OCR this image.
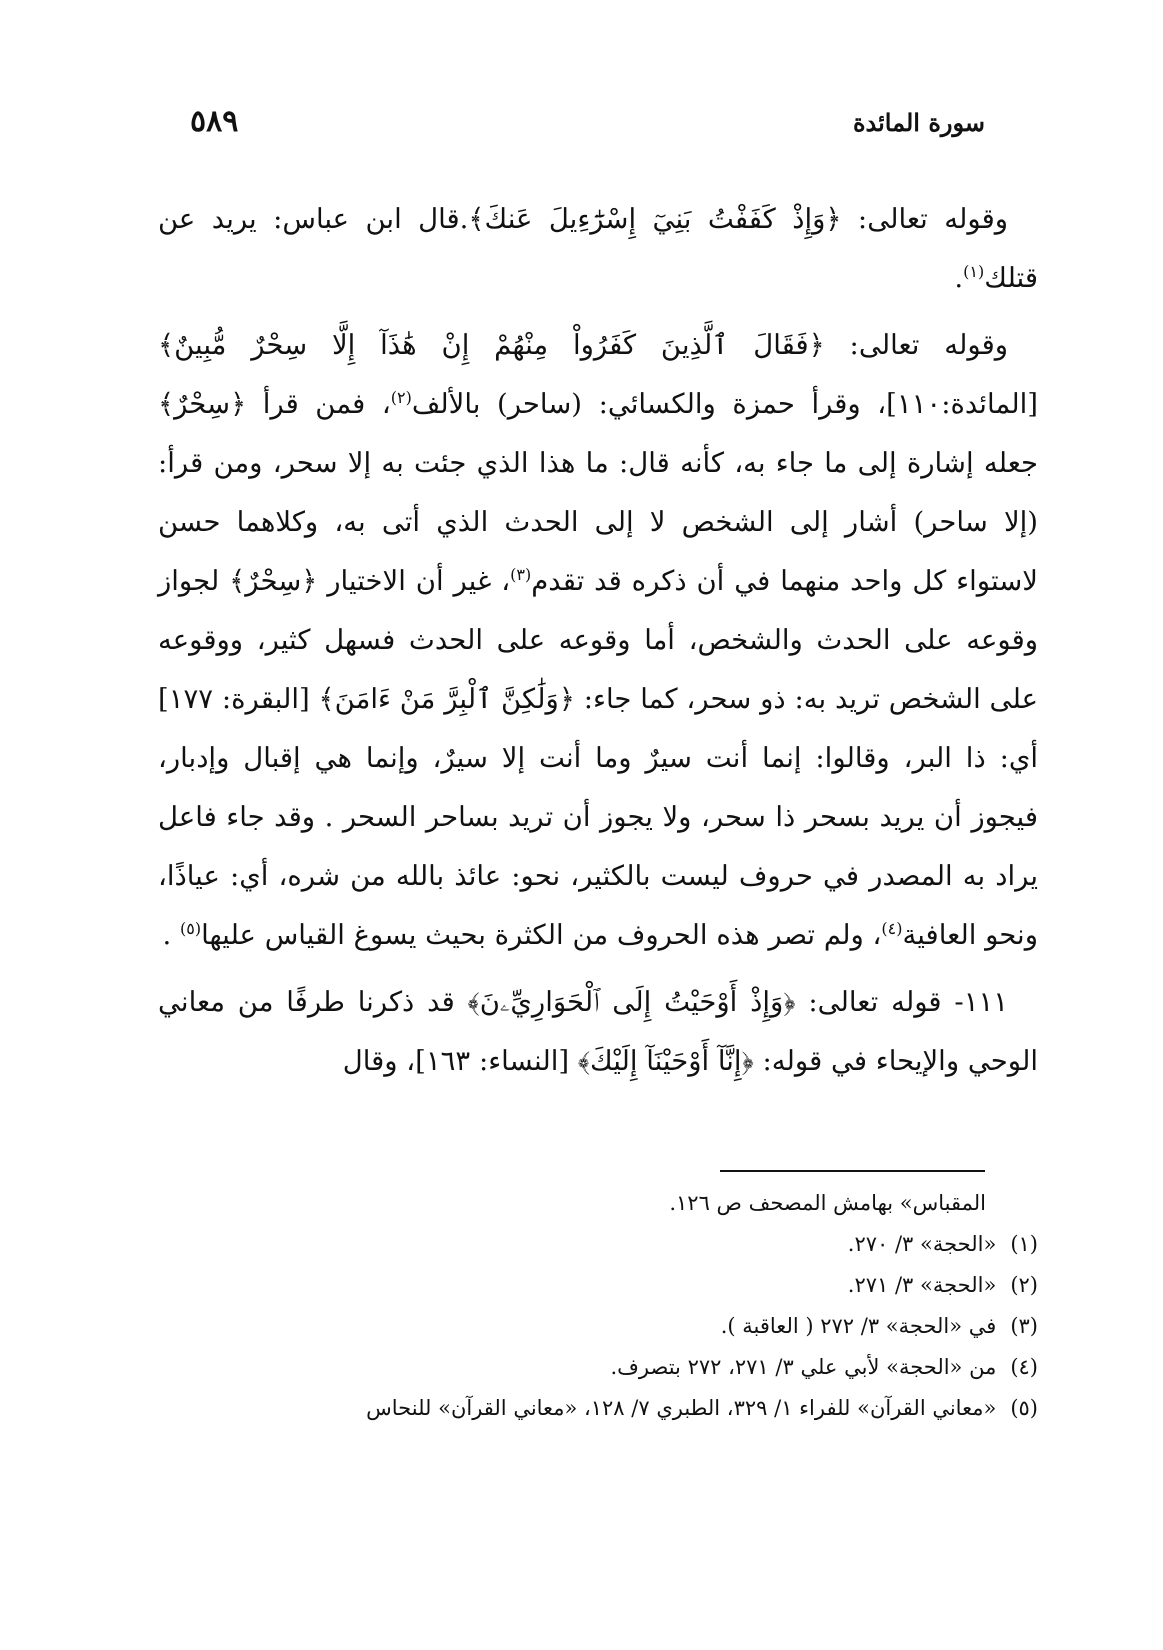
سورة المائدة
٥٨٩

وقوله تعالى: ﴿وَإِذْ كَفَفْتُ بَنِيٓ إِسْرَٰٓءِيلَ عَنكَ﴾.قال ابن عباس: يريد عن قتلك$^{(١)}$.

وقوله تعالى: ﴿فَقَالَ ٱلَّذِينَ كَفَرُواْ مِنْهُمْ إِنْ هَٰذَآ إِلَّا سِحْرٌ مُّبِينٌ﴾ [المائدة:١١٠]، وقرأ حمزة والكسائي: (ساحر) بالألف$^{(٢)}$، فمن قرأ ﴿سِحْرٌ﴾ جعله إشارة إلى ما جاء به، كأنه قال: ما هذا الذي جئت به إلا سحر، ومن قرأ: (إلا ساحر) أشار إلى الشخص لا إلى الحدث الذي أتى به، وكلاهما حسن لاستواء كل واحد منهما في أن ذكره قد تقدم$^{(٣)}$، غير أن الاختيار ﴿سِحْرٌ﴾ لجواز وقوعه على الحدث والشخص، أما وقوعه على الحدث فسهل كثير، ووقوعه على الشخص تريد به: ذو سحر، كما جاء: ﴿وَلَٰكِنَّ ٱلْبِرَّ مَنْ ءَامَنَ﴾ [البقرة: ١٧٧] أي: ذا البر، وقالوا: إنما أنت سيرٌ وما أنت إلا سيرٌ، وإنما هي إقبال وإدبار، فيجوز أن يريد بسحر ذا سحر، ولا يجوز أن تريد بساحر السحر . وقد جاء فاعل يراد به المصدر في حروف ليست بالكثير، نحو: عائذ بالله من شره، أي: عياذًا، ونحو العافية$^{(٤)}$، ولم تصر هذه الحروف من الكثرة بحيث يسوغ القياس عليها$^{(٥)}$ .

١١١- قوله تعالى: ﴿وَإِذْ أَوْحَيْتُ إِلَى ٱلْحَوَارِيِّۦنَ﴾ قد ذكرنا طرفًا من معاني الوحي والإيحاء في قوله: ﴿إِنَّآ أَوْحَيْنَآ إِلَيْكَ﴾ [النساء: ١٦٣]، وقال

المقباس» بهامش المصحف ص ١٢٦.
(١)«الحجة» ٣/ ٢٧٠.
(٢)«الحجة» ٣/ ٢٧١.
(٣)في «الحجة» ٣/ ٢٧٢ ( العاقبة ).
(٤)من «الحجة» لأبي علي ٣/ ٢٧١، ٢٧٢ بتصرف.
(٥)«معاني القرآن» للفراء ١/ ٣٢٩، الطبري ٧/ ١٢٨، «معاني القرآن» للنحاس
